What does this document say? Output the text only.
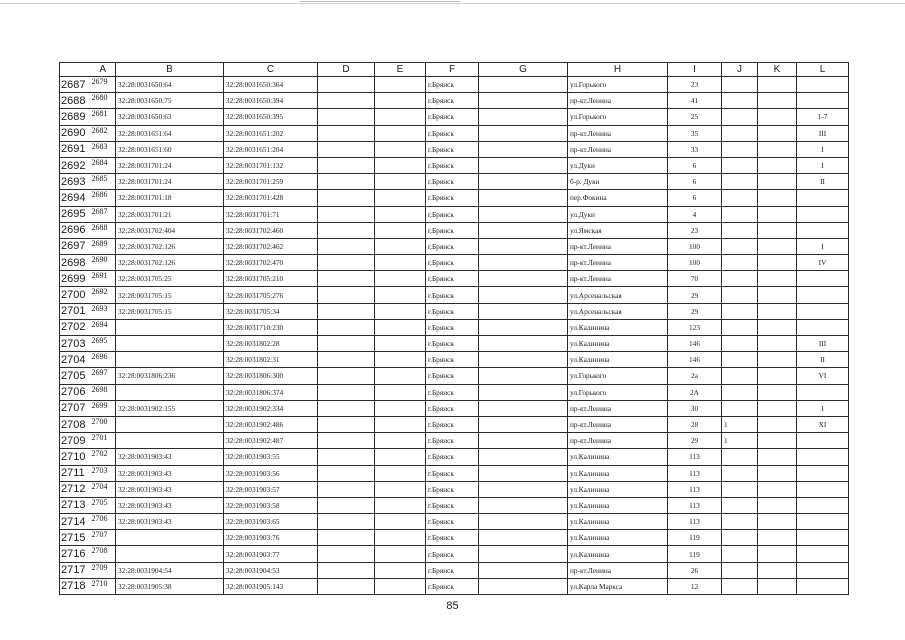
	A	B	C	D	E	F	G	H	I	J	K	L
2687	2679	32:28:0031650:64	32:28:0031650:364			г.Брянск		ул.Горького	23			
2688	2680	32:28:0031650:75	32:28:0031650:394			г.Брянск		пр-кт.Ленина	41			
2689	2681	32:28:0031650:63	32:28:0031650:395			г.Брянск		ул.Горького	25			1-7
2690	2682	32:28:0031651:64	32:28:0031651:202			г.Брянск		пр-кт.Ленина	35			III
2691	2683	32:28:0031651:60	32:28:0031651:204			г.Брянск		пр-кт.Ленина	33			I
2692	2684	32:28:0031701:24	32:28:0031701:132			г.Брянск		ул.Дуки	6			I
2693	2685	32:28:0031701:24	32:28:0031701:259			г.Брянск		б-р. Дуки	6			II
2694	2686	32:28:0031701:18	32:28:0031701:428			г.Брянск		пер.Фокина	6			
2695	2687	32:28:0031701:21	32:28:0031701:71			г.Брянск		ул.Дуки	4			
2696	2688	32:28:0031702:404	32:28:0031702:460			г.Брянск		ул.Ямская	23			
2697	2689	32:28:0031702:126	32:28:0031702:462			г.Брянск		пр-кт.Ленина	100			I
2698	2690	32:28:0031702:126	32:28:0031702:470			г.Брянск		пр-кт.Ленина	100			IV
2699	2691	32:28:0031705:25	32:28:0031705:210			г.Брянск		пр-кт.Ленина	70			
2700	2692	32:28:0031705:15	32:28:0031705:276			г.Брянск		ул.Арсенальская	29			
2701	2693	32:28:0031705:15	32:28:0031705:34			г.Брянск		ул.Арсенальская	29			
2702	2694		32:28:0031710:230			г.Брянск		ул.Калинина	123			
2703	2695		32:28:0031802:28			г.Брянск		ул.Калинина	146			III
2704	2696		32:28:0031802:31			г.Брянск		ул.Калинина	146			II
2705	2697	32:28:0031806:236	32:28:0031806:300			г.Брянск		ул.Горького	2а			VI
2706	2698		32:28:0031806:374			г.Брянск		ул.Горького	2А			
2707	2699	32:28:0031902:155	32:28:0031902:334			г.Брянск		пр-кт.Ленина	30			I
2708	2700		32:28:0031902:486			г.Брянск		пр-кт.Ленина	28	1		XI
2709	2701		32:28:0031902:487			г.Брянск		пр-кт.Ленина	29	1		
2710	2702	32:28:0031903:43	32:28:0031903:55			г.Брянск		ул.Калинина	113			
2711	2703	32:28:0031903:43	32:28:0031903:56			г.Брянск		ул.Калинина	113			
2712	2704	32:28:0031903:43	32:28:0031903:57			г.Брянск		ул.Калинина	113			
2713	2705	32:28:0031903:43	32:28:0031903:58			г.Брянск		ул.Калинина	113			
2714	2706	32:28:0031903:43	32:28:0031903:65			г.Брянск		ул.Калинина	113			
2715	2707		32:28:0031903:76			г.Брянск		ул.Калинина	119			
2716	2708		32:28:0031903:77			г.Брянск		ул.Калинина	119			
2717	2709	32:28:0031904:54	32:28:0031904:53			г.Брянск		пр-кт.Ленина	26			
2718	2710	32:28:0031905:38	32:28:0031905:143			г.Брянск		ул.Карла Маркса	12			
85
